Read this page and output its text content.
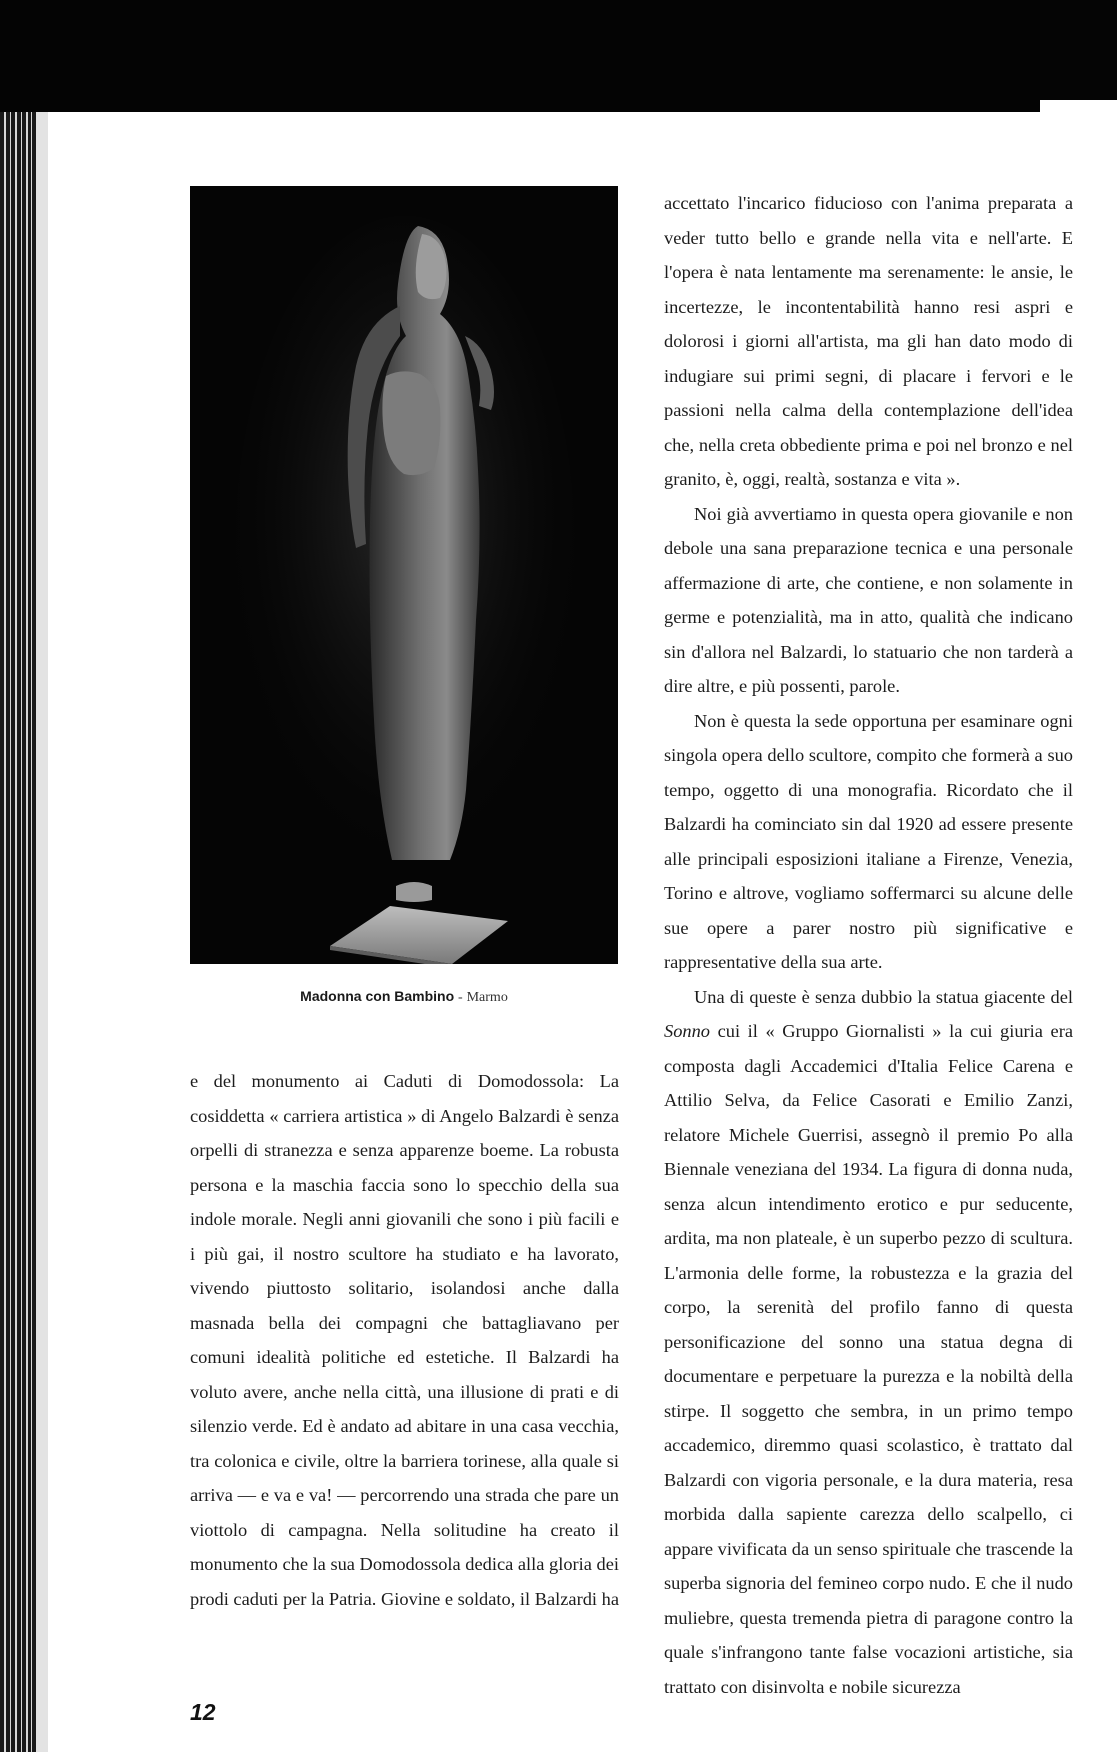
Madonna con Bambino - Marmo

e del monumento ai Caduti di Domodossola: La cosiddetta « carriera artistica » di Angelo Balzardi è senza orpelli di stranezza e senza apparenze boeme. La robusta persona e la maschia faccia sono lo specchio della sua indole morale. Negli anni giovanili che sono i più facili e i più gai, il nostro scultore ha studiato e ha lavorato, vivendo piuttosto solitario, isolandosi anche dalla masnada bella dei compagni che battagliavano per comuni idealità politiche ed estetiche. Il Balzardi ha voluto avere, anche nella città, una illusione di prati e di silenzio verde. Ed è andato ad abitare in una casa vecchia, tra colonica e civile, oltre la barriera torinese, alla quale si arriva — e va e va! — percorrendo una strada che pare un viottolo di campagna. Nella solitudine ha creato il monumento che la sua Domodossola dedica alla gloria dei prodi caduti per la Patria. Giovine e soldato, il Balzardi ha

accettato l'incarico fiducioso con l'anima preparata a veder tutto bello e grande nella vita e nell'arte. E l'opera è nata lentamente ma serenamente: le ansie, le incertezze, le incontentabilità hanno resi aspri e dolorosi i giorni all'artista, ma gli han dato modo di indugiare sui primi segni, di placare i fervori e le passioni nella calma della contemplazione dell'idea che, nella creta obbediente prima e poi nel bronzo e nel granito, è, oggi, realtà, sostanza e vita ».

Noi già avvertiamo in questa opera giovanile e non debole una sana preparazione tecnica e una personale affermazione di arte, che contiene, e non solamente in germe e potenzialità, ma in atto, qualità che indicano sin d'allora nel Balzardi, lo statuario che non tarderà a dire altre, e più possenti, parole.

Non è questa la sede opportuna per esaminare ogni singola opera dello scultore, compito che formerà a suo tempo, oggetto di una monografia. Ricordato che il Balzardi ha cominciato sin dal 1920 ad essere presente alle principali esposizioni italiane a Firenze, Venezia, Torino e altrove, vogliamo soffermarci su alcune delle sue opere a parer nostro più significative e rappresentative della sua arte.

Una di queste è senza dubbio la statua giacente del Sonno cui il « Gruppo Giornalisti » la cui giuria era composta dagli Accademici d'Italia Felice Carena e Attilio Selva, da Felice Casorati e Emilio Zanzi, relatore Michele Guerrisi, assegnò il premio Po alla Biennale veneziana del 1934. La figura di donna nuda, senza alcun intendimento erotico e pur seducente, ardita, ma non plateale, è un superbo pezzo di scultura. L'armonia delle forme, la robustezza e la grazia del corpo, la serenità del profilo fanno di questa personificazione del sonno una statua degna di documentare e perpetuare la purezza e la nobiltà della stirpe. Il soggetto che sembra, in un primo tempo accademico, diremmo quasi scolastico, è trattato dal Balzardi con vigoria personale, e la dura materia, resa morbida dalla sapiente carezza dello scalpello, ci appare vivificata da un senso spirituale che trascende la superba signoria del femineo corpo nudo. E che il nudo muliebre, questa tremenda pietra di paragone contro la quale s'infrangono tante false vocazioni artistiche, sia trattato con disinvolta e nobile sicurezza

12
